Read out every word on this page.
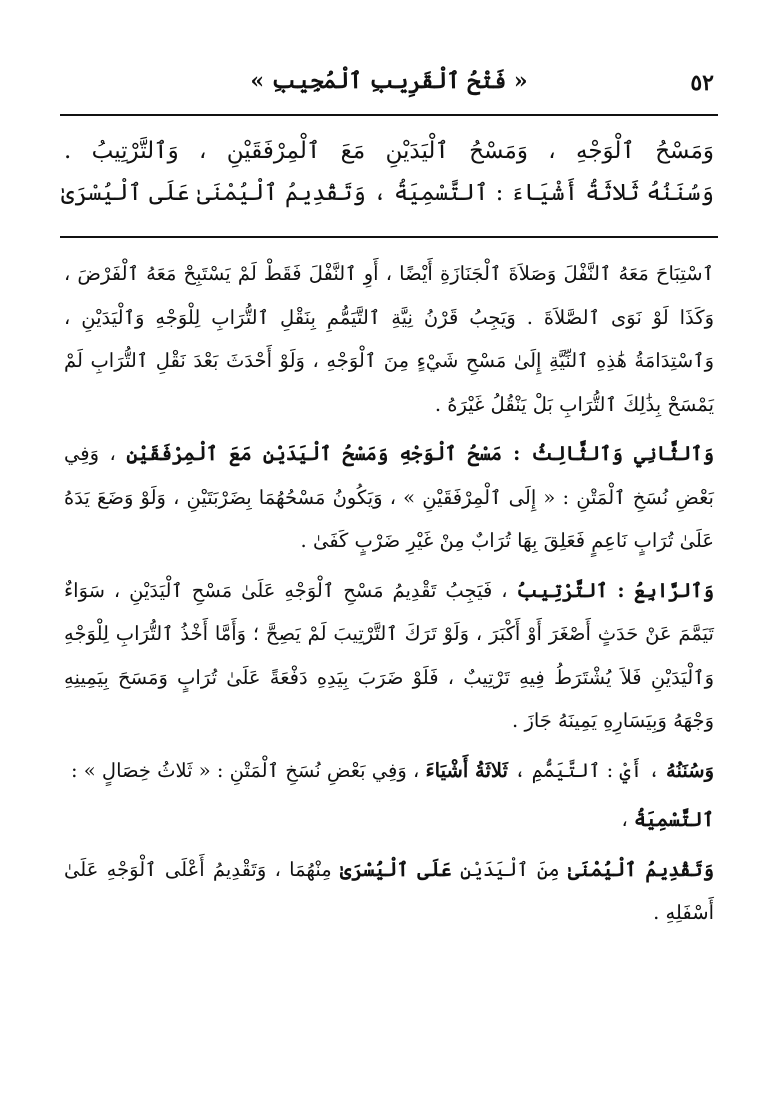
٥٢
« فَتْحُ ٱلْقَرِيبِ ٱلْمُجِيبِ »
وَمَسْحُ ٱلْوَجْهِ ، وَمَسْحُ ٱلْيَدَيْنِ مَعَ ٱلْمِرْفَقَيْنِ ، وَٱلتَّرْتِيبُ .
وَسُنَنُهُ ثَلاثَةُ أَشْيَاءَ : ٱلتَّسْمِيَةُ ، وَتَقْدِيمُ ٱلْيُمْنَىٰ عَلَى ٱلْيُسْرَىٰ

ٱسْتِبَاحَ مَعَهُ ٱلنَّفْلَ وَصَلاَةَ ٱلْجَنَازَةِ أَيْضًا ، أَوِ ٱلنَّفْلَ فَقَطْ لَمْ يَسْتَبِحْ مَعَهُ ٱلْفَرْضَ ، وَكَذَا لَوْ نَوَى ٱلصَّلاَةَ . وَيَجِبُ قَرْنُ نِيَّةِ ٱلتَّيَمُّمِ بِنَقْلِ ٱلتُّرَابِ لِلْوَجْهِ وَٱلْيَدَيْنِ ، وَٱسْتِدَامَةُ هَٰذِهِ ٱلنِّيَّةِ إِلَىٰ مَسْحِ شَيْءٍ مِنَ ٱلْوَجْهِ ، وَلَوْ أَحْدَثَ بَعْدَ نَقْلِ ٱلتُّرَابِ لَمْ يَمْسَحْ بِذَٰلِكَ ٱلتُّرَابِ بَلْ يَنْقُلُ غَيْرَهُ .

وَٱلثَّانِي وَٱلثَّالِثُ : مَسْحُ ٱلْوَجْهِ وَمَسْحُ ٱلْيَدَيْنِ مَعَ ٱلْمِرْفَقَيْنِ ، وَفِي بَعْضِ نُسَخِ ٱلْمَتْنِ : « إِلَى ٱلْمِرْفَقَيْنِ » ، وَيَكُونُ مَسْحُهُمَا بِضَرْبَتَيْنِ ، وَلَوْ وَضَعَ يَدَهُ عَلَىٰ تُرَابٍ نَاعِمٍ فَعَلِقَ بِهَا تُرَابٌ مِنْ غَيْرِ ضَرْبٍ كَفَىٰ .

وَٱلرَّابِعُ : ٱلتَّرْتِيبُ ، فَيَجِبُ تَقْدِيمُ مَسْحِ ٱلْوَجْهِ عَلَىٰ مَسْحِ ٱلْيَدَيْنِ ، سَوَاءٌ تَيَمَّمَ عَنْ حَدَثٍ أَصْغَرَ أَوْ أَكْبَرَ ، وَلَوْ تَرَكَ ٱلتَّرْتِيبَ لَمْ يَصِحَّ ؛ وَأَمَّا أَخْذُ ٱلتُّرَابِ لِلْوَجْهِ وَٱلْيَدَيْنِ فَلاَ يُشْتَرَطُ فِيهِ تَرْتِيبٌ ، فَلَوْ ضَرَبَ بِيَدِهِ دَفْعَةً عَلَىٰ تُرَابٍ وَمَسَحَ بِيَمِينِهِ وَجْهَهُ وَبِيَسَارِهِ يَمِينَهُ جَازَ .

وَسُنَنُهُ ، أَيْ : ٱلتَّيَمُّمِ ، ثَلاثَةُ أَشْيَاءَ ، وَفِي بَعْضِ نُسَخِ ٱلْمَتْنِ : « ثَلاثُ خِصَالٍ » :

ٱلتَّسْمِيَةُ ،

وَتَقْدِيمُ ٱلْيُمْنَىٰ مِنَ ٱلْيَدَيْنِ عَلَى ٱلْيُسْرَىٰ مِنْهُمَا ، وَتَقْدِيمُ أَعْلَى ٱلْوَجْهِ عَلَىٰ أَسْفَلِهِ .
